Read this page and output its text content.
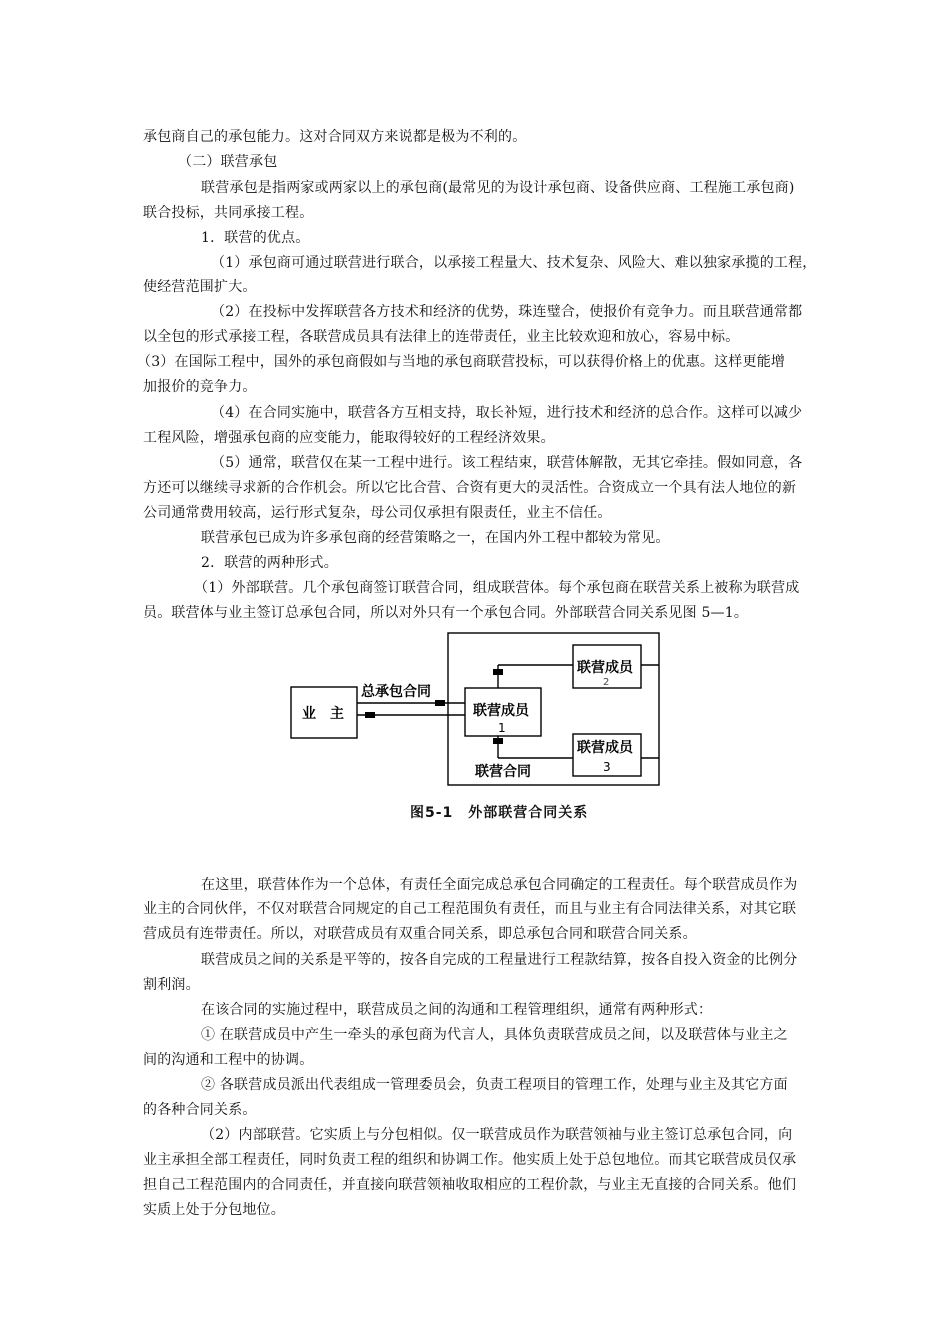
承包商自己的承包能力。这对合同双方来说都是极为不利的。
（二）联营承包
联营承包是指两家或两家以上的承包商(最常见的为设计承包商、设备供应商、工程施工承包商)
联合投标，共同承接工程。
1．联营的优点。
（1）承包商可通过联营进行联合，以承接工程量大、技术复杂、风险大、难以独家承揽的工程，
使经营范围扩大。
（2）在投标中发挥联营各方技术和经济的优势，珠连璧合，使报价有竞争力。而且联营通常都
以全包的形式承接工程，各联营成员具有法律上的连带责任，业主比较欢迎和放心，容易中标。
（3）在国际工程中，国外的承包商假如与当地的承包商联营投标，可以获得价格上的优惠。这样更能增
加报价的竞争力。
（4）在合同实施中，联营各方互相支持，取长补短，进行技术和经济的总合作。这样可以减少
工程风险，增强承包商的应变能力，能取得较好的工程经济效果。
（5）通常，联营仅在某一工程中进行。该工程结束，联营体解散，无其它牵挂。假如同意，各
方还可以继续寻求新的合作机会。所以它比合营、合资有更大的灵活性。合资成立一个具有法人地位的新
公司通常费用较高，运行形式复杂，母公司仅承担有限责任，业主不信任。
联营承包已成为许多承包商的经营策略之一，在国内外工程中都较为常见。
2．联营的两种形式。
（1）外部联营。几个承包商签订联营合同，组成联营体。每个承包商在联营关系上被称为联营成
员。联营体与业主签订总承包合同，所以对外只有一个承包合同。外部联营合同关系见图 5—1。
业　主
总承包合同
联营成员
1
联营成员
2
联营成员
3
联营合同
图5-1　外部联营合同关系
在这里，联营体作为一个总体，有责任全面完成总承包合同确定的工程责任。每个联营成员作为
业主的合同伙伴，不仅对联营合同规定的自己工程范围负有责任，而且与业主有合同法律关系，对其它联
营成员有连带责任。所以，对联营成员有双重合同关系，即总承包合同和联营合同关系。
联营成员之间的关系是平等的，按各自完成的工程量进行工程款结算，按各自投入资金的比例分
割利润。
在该合同的实施过程中，联营成员之间的沟通和工程管理组织，通常有两种形式：
① 在联营成员中产生一牵头的承包商为代言人，具体负责联营成员之间，以及联营体与业主之
间的沟通和工程中的协调。
② 各联营成员派出代表组成一管理委员会，负责工程项目的管理工作，处理与业主及其它方面
的各种合同关系。
（2）内部联营。它实质上与分包相似。仅一联营成员作为联营领袖与业主签订总承包合同，向
业主承担全部工程责任，同时负责工程的组织和协调工作。他实质上处于总包地位。而其它联营成员仅承
担自己工程范围内的合同责任，并直接向联营领袖收取相应的工程价款，与业主无直接的合同关系。他们
实质上处于分包地位。
